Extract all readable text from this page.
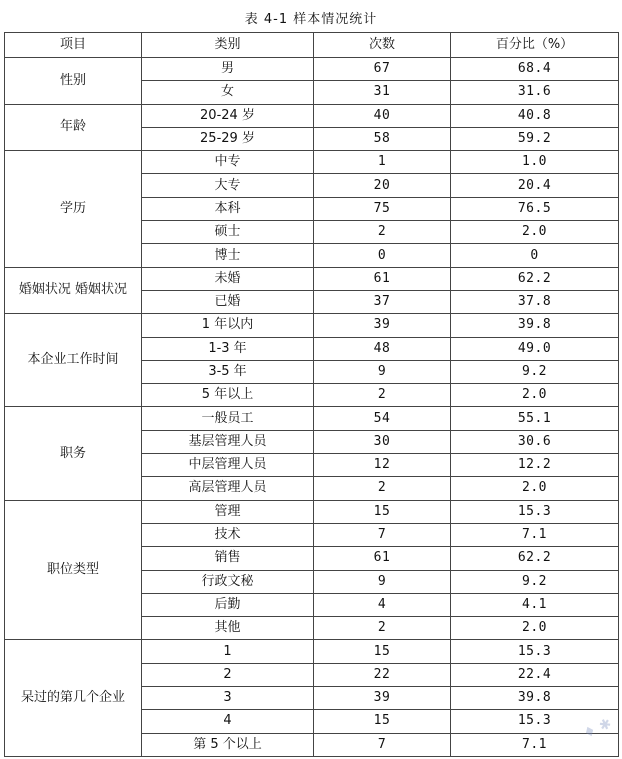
表 4-1 样本情况统计
项目	类别	次数	百分比（%）
性别	男	67	68.4
	女	31	31.6
年龄	20-24 岁	40	40.8
	25-29 岁	58	59.2
学历	中专	1	1.0
	大专	20	20.4
	本科	75	76.5
	硕士	2	2.0
	博士	0	0
婚姻状况 婚姻状况	未婚	61	62.2
	已婚	37	37.8
本企业工作时间	1 年以内	39	39.8
	1-3 年	48	49.0
	3-5 年	9	9.2
	5 年以上	2	2.0
职务	一般员工	54	55.1
	基层管理人员	30	30.6
	中层管理人员	12	12.2
	高层管理人员	2	2.0
职位类型	管理	15	15.3
	技术	7	7.1
	销售	61	62.2
	行政文秘	9	9.2
	后勤	4	4.1
	其他	2	2.0
呆过的第几个企业	1	15	15.3
	2	22	22.4
	3	39	39.8
	4	15	15.3
	第 5 个以上	7	7.1
♦ ✱
